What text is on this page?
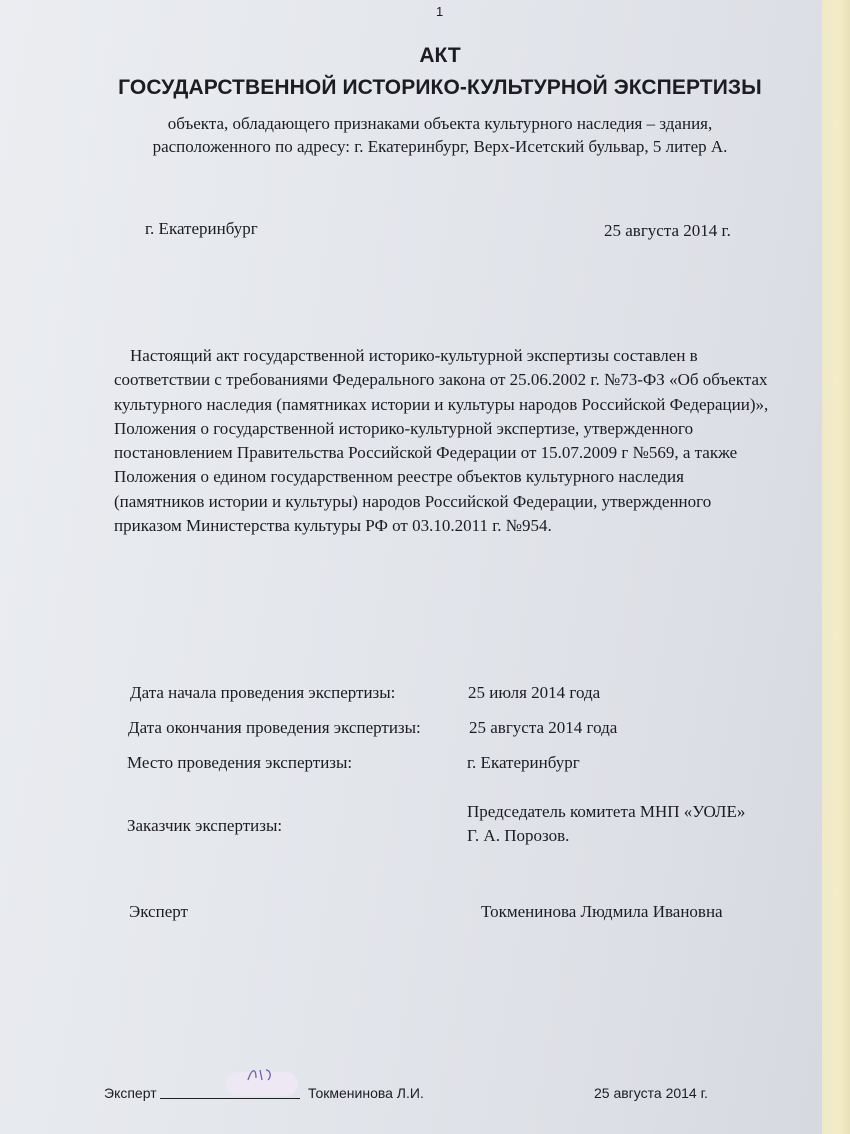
1
АКТ
ГОСУДАРСТВЕННОЙ ИСТОРИКО-КУЛЬТУРНОЙ ЭКСПЕРТИЗЫ
объекта, обладающего признаками объекта культурного наследия – здания,
расположенного по адресу: г. Екатеринбург, Верх-Исетский бульвар, 5 литер А.
г. Екатеринбург	25 августа 2014 г.
Настоящий акт государственной историко-культурной экспертизы составлен в
соответствии с требованиями Федерального закона от 25.06.2002 г. №73-ФЗ «Об объектах
культурного наследия (памятниках истории и культуры народов Российской Федерации)»,
Положения о государственной историко-культурной экспертизе, утвержденного
постановлением Правительства Российской Федерации от 15.07.2009 г №569, а также
Положения о едином государственном реестре объектов культурного наследия
(памятников истории и культуры) народов Российской Федерации, утвержденного
приказом Министерства культуры РФ от 03.10.2011 г. №954.
Дата начала проведения экспертизы:	25 июля 2014 года
Дата окончания проведения экспертизы:	25 августа 2014 года
Место проведения экспертизы:	г. Екатеринбург
Заказчик экспертизы:
Председатель комитета МНП «УОЛЕ»
Г. А. Порозов.
Эксперт	Токменинова Людмила Ивановна
Эксперт	Токменинова Л.И.	25 августа 2014 г.
